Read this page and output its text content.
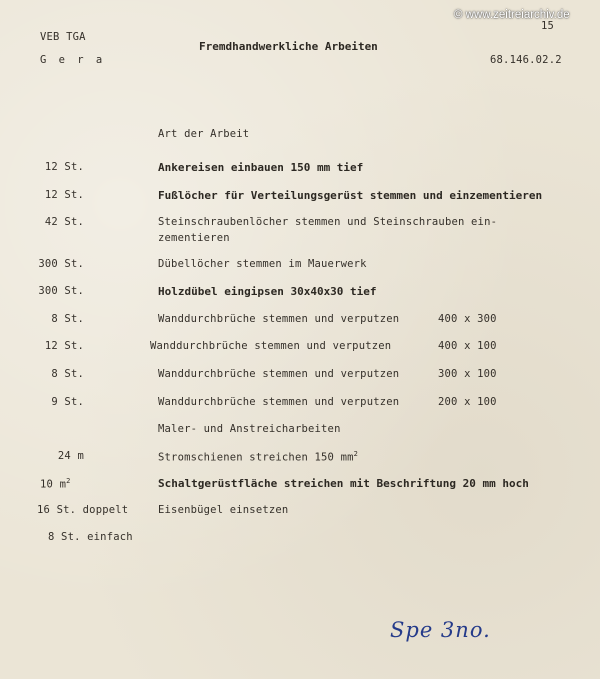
© www.zeitreiarchiv.de
VEB TGA
G e r a
Fremdhandwerkliche Arbeiten
15
68.146.02.2
Art der Arbeit
12 St.	Ankereisen einbauen 150 mm tief
12 St.	Fußlöcher für Verteilungsgerüst stemmen und einzementieren
42 St.	Steinschraubenlöcher stemmen und Steinschrauben ein-
zementieren
300 St.	Dübellöcher stemmen im Mauerwerk
300 St.	Holzdübel eingipsen 30x40x30 tief
8 St.	Wanddurchbrüche stemmen und verputzen	400 x 300
12 St.	Wanddurchbrüche stemmen und verputzen	400 x 100
8 St.	Wanddurchbrüche stemmen und verputzen	300 x 100
9 St.	Wanddurchbrüche stemmen und verputzen	200 x 100
Maler- und Anstreicharbeiten
24 m	Stromschienen streichen 150 $mm^2$
10 $m^2$	Schaltgerüstfläche streichen mit Beschriftung 20 mm hoch
16 St. doppelt	Eisenbügel einsetzen
8 St. einfach
Spe 3no.
